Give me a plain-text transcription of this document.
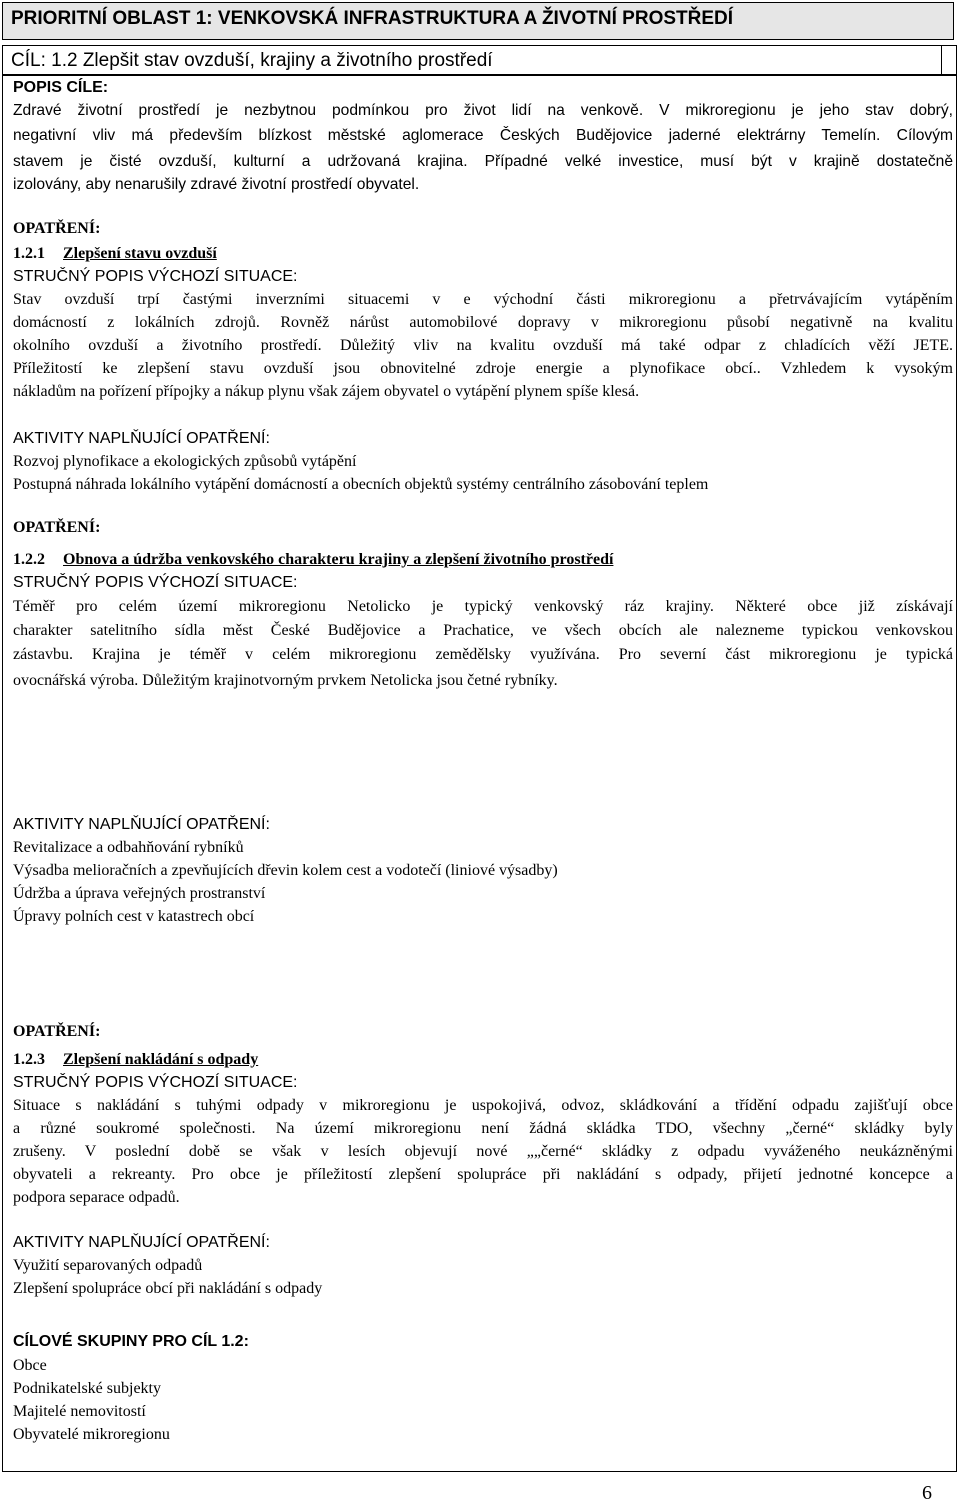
PRIORITNÍ OBLAST 1: VENKOVSKÁ INFRASTRUKTURA A ŽIVOTNÍ PROSTŘEDÍ
CÍL: 1.2 Zlepšit stav ovzduší, krajiny a životního prostředí
POPIS CÍLE:
Zdravé životní prostředí je nezbytnou podmínkou pro život lidí na venkově. V mikroregionu je jeho stav dobrý,
negativní vliv má především blízkost městské aglomerace Českých Budějovice jaderné elektrárny Temelín. Cílovým
stavem je čisté ovzduší, kulturní a udržovaná krajina. Případné velké investice, musí být v krajině dostatečně
izolovány, aby nenarušily zdravé životní prostředí obyvatel.
OPATŘENÍ:
1.2.1 Zlepšení stavu ovzduší
STRUČNÝ POPIS VÝCHOZÍ SITUACE:
Stav ovzduší trpí častými inverzními situacemi v e východní části mikroregionu a přetrvávajícím vytápěním
domácností z lokálních zdrojů. Rovněž nárůst automobilové dopravy v mikroregionu působí negativně na kvalitu
okolního ovzduší a životního prostředí. Důležitý vliv na kvalitu ovzduší má také odpar z chladících věží JETE.
Příležitostí ke zlepšení stavu ovzduší jsou obnovitelné zdroje energie a plynofikace obcí.. Vzhledem k vysokým
nákladům na pořízení přípojky a nákup plynu však zájem obyvatel o vytápění plynem spíše klesá.
AKTIVITY NAPLŇUJÍCÍ OPATŘENÍ:
Rozvoj plynofikace a ekologických způsobů vytápění
Postupná náhrada lokálního vytápění domácností a obecních objektů systémy centrálního zásobování teplem
OPATŘENÍ:
1.2.2 Obnova a údržba venkovského charakteru krajiny a zlepšení životního prostředí
STRUČNÝ POPIS VÝCHOZÍ SITUACE:
Téměř pro celém území mikroregionu Netolicko je typický venkovský ráz krajiny. Některé obce již získávají
charakter satelitního sídla měst České Budějovice a Prachatice, ve všech obcích ale nalezneme typickou venkovskou
zástavbu. Krajina je téměř v celém mikroregionu zemědělsky využívána. Pro severní část mikroregionu je typická
ovocnářská výroba. Důležitým krajinotvorným prvkem Netolicka jsou četné rybníky.
AKTIVITY NAPLŇUJÍCÍ OPATŘENÍ:
Revitalizace a odbahňování rybníků
Výsadba melioračních a zpevňujících dřevin kolem cest a vodotečí (liniové výsadby)
Údržba a úprava veřejných prostranství
Úpravy polních cest v katastrech obcí
OPATŘENÍ:
1.2.3 Zlepšení nakládání s odpady
STRUČNÝ POPIS VÝCHOZÍ SITUACE:
Situace s nakládání s tuhými odpady v mikroregionu je uspokojivá, odvoz, skládkování a třídění odpadu zajišťují obce
a různé soukromé společnosti. Na území mikroregionu není žádná skládka TDO, všechny „černé“ skládky byly
zrušeny. V poslední době se však v lesích objevují nové „„černé“ skládky z odpadu vyváženého neukázněnými
obyvateli a rekreanty. Pro obce je příležitostí zlepšení spolupráce při nakládání s odpady, přijetí jednotné koncepce a
podpora separace odpadů.
AKTIVITY NAPLŇUJÍCÍ OPATŘENÍ:
Využití separovaných odpadů
Zlepšení spolupráce obcí při nakládání s odpady
CÍLOVÉ SKUPINY PRO CÍL 1.2:
Obce
Podnikatelské subjekty
Majitelé nemovitostí
Obyvatelé mikroregionu
6
